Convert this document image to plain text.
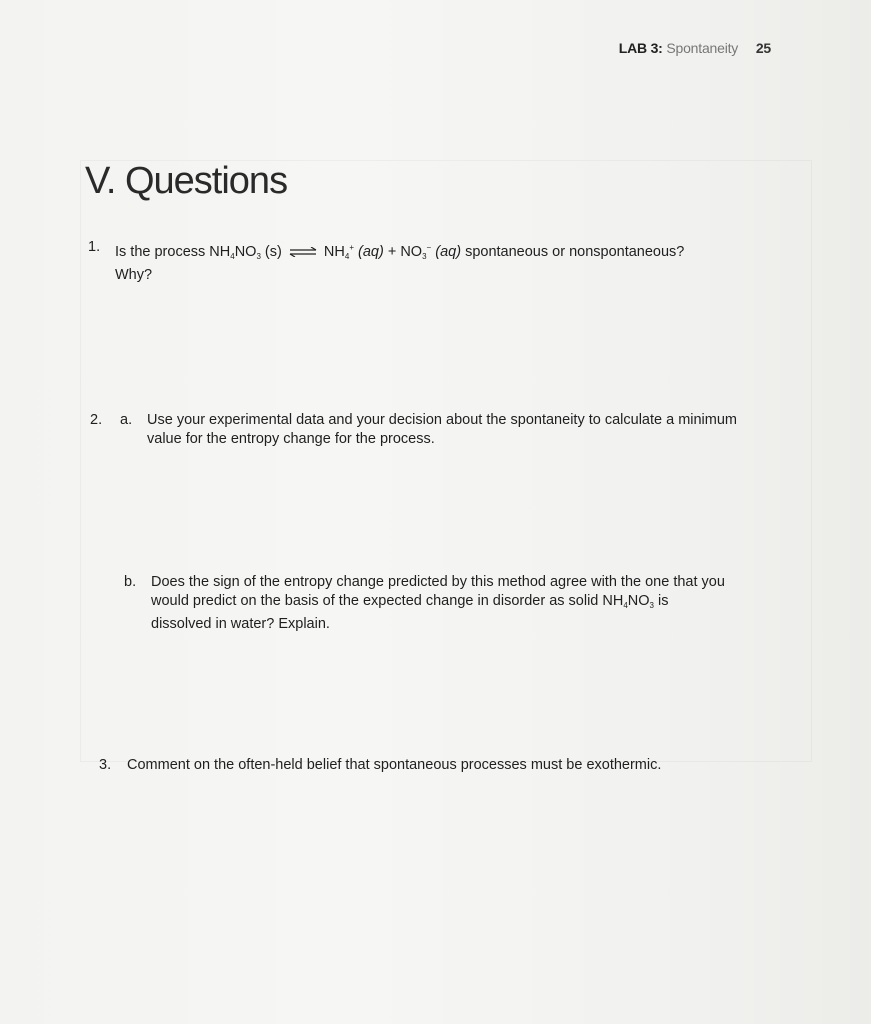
LAB 3: Spontaneity 25
V. Questions
1. Is the process $NH_4NO_3$ (s) ⇌ $NH_4^+$ $(aq) + NO_3^-$ (aq) spontaneous or nonspontaneous?
Why?
2. a. Use your experimental data and your decision about the spontaneity to calculate a minimum value for the entropy change for the process.
b. Does the sign of the entropy change predicted by this method agree with the one that you would predict on the basis of the expected change in disorder as solid $NH_4NO_3$ is dissolved in water? Explain.
3. Comment on the often-held belief that spontaneous processes must be exothermic.
